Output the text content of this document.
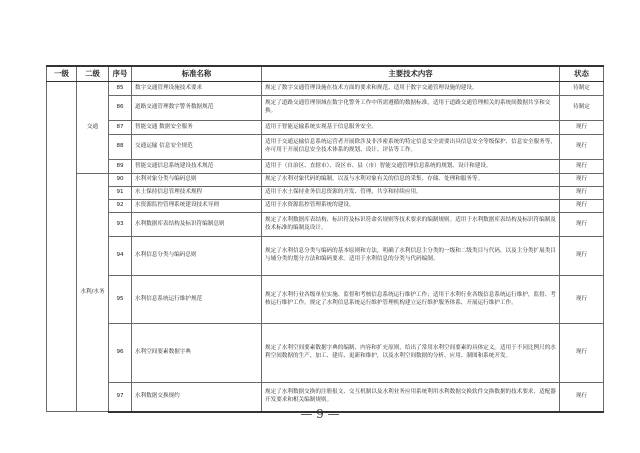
一级	二级	序号	标准名称	主要技术内容	状态
	交通	85	数字交通管理设施技术要求	规定了数字交通管理设施在技术方面的要求和规范，适用于数字交通管理设施的建设。	待制定
		86	道路交通管理数字警务数据规范	规定了道路交通管理领域在数字化警务工作中所需遵循的数据标准，适用于道路交通管理相关的系统间数据共享和交换。	待制定
		87	智能交通 数据安全服务	适用于智能运输系统实现基于信息服务安全。	现行
		88	交通运输 信息安全规范	适用于交通运输信息系统运营者开展除涉及非涉密系统的特定信息安全需要出具信息安全等级保护、信息安全服务等，亦可用于开展信息安全技术体系的规划、设计、评估等工作。	现行
		89	智能交通信息系统建设技术规范	适用于（自治区、直辖市）、设区市、县（市）智能交通管理信息系统的规划、设计和建设。	现行
	水利/水务	90	水利对象分类与编码总则	规定了水利对象代码的编制，以及与水利对象有关的信息的采集、存储、处理和服务等。	现行
		91	水土保持信息管理技术规程	适用于水土保持业务信息资源的开发、管理，共享和持续应用。	现行
		92	水资源监控管理系统建设技术导则	适用于水资源监控管理系统的建设。	现行
		93	水利数据库表结构及标识符编制总则	规定了水利数据库表结构、标识符及标识符命名规则等技术要求的编制规则。适用于水利数据库表结构及标识符编制及技术标准的编制及设计。	现行
		94	水利信息分类与编码总则	规定了水利信息分类与编码的基本原则和方法，明确了水利信息主分类的一级和二级类目与代码，以及主分类扩展类目与辅分类的划分方法和编码要求。适用于水利信息的分类与代码编制。	现行
		95	水利信息系统运行维护规范	规定了水利行业各级单位实施、监督和考核信息系统运行维护工作；适用于水利行业各级信息系统运行维护，监督、考核运行维护工作。规定了水利信息系统运行维护管理机构建立运行维护服务体系、开展运行维护工作。	现行
		96	水利空间要素数据字典	规定了水利空间要素数据字典的编制、内容和扩充原则，给出了常用水利空间要素的具体定义。适用于不同比例尺的水利空间数据的生产、加工、建库、更新和维护，以及水利空间数据的分析、应用、制图和系统开发。	现行
		97	水利数据交换规约	规定了水利数据交换的注册报文、交互机制以及水利业务应用系统利用水利数据交换软件交换数据的技术要求，适配器开发要求和相关编制规则。	现行
— 9 —
